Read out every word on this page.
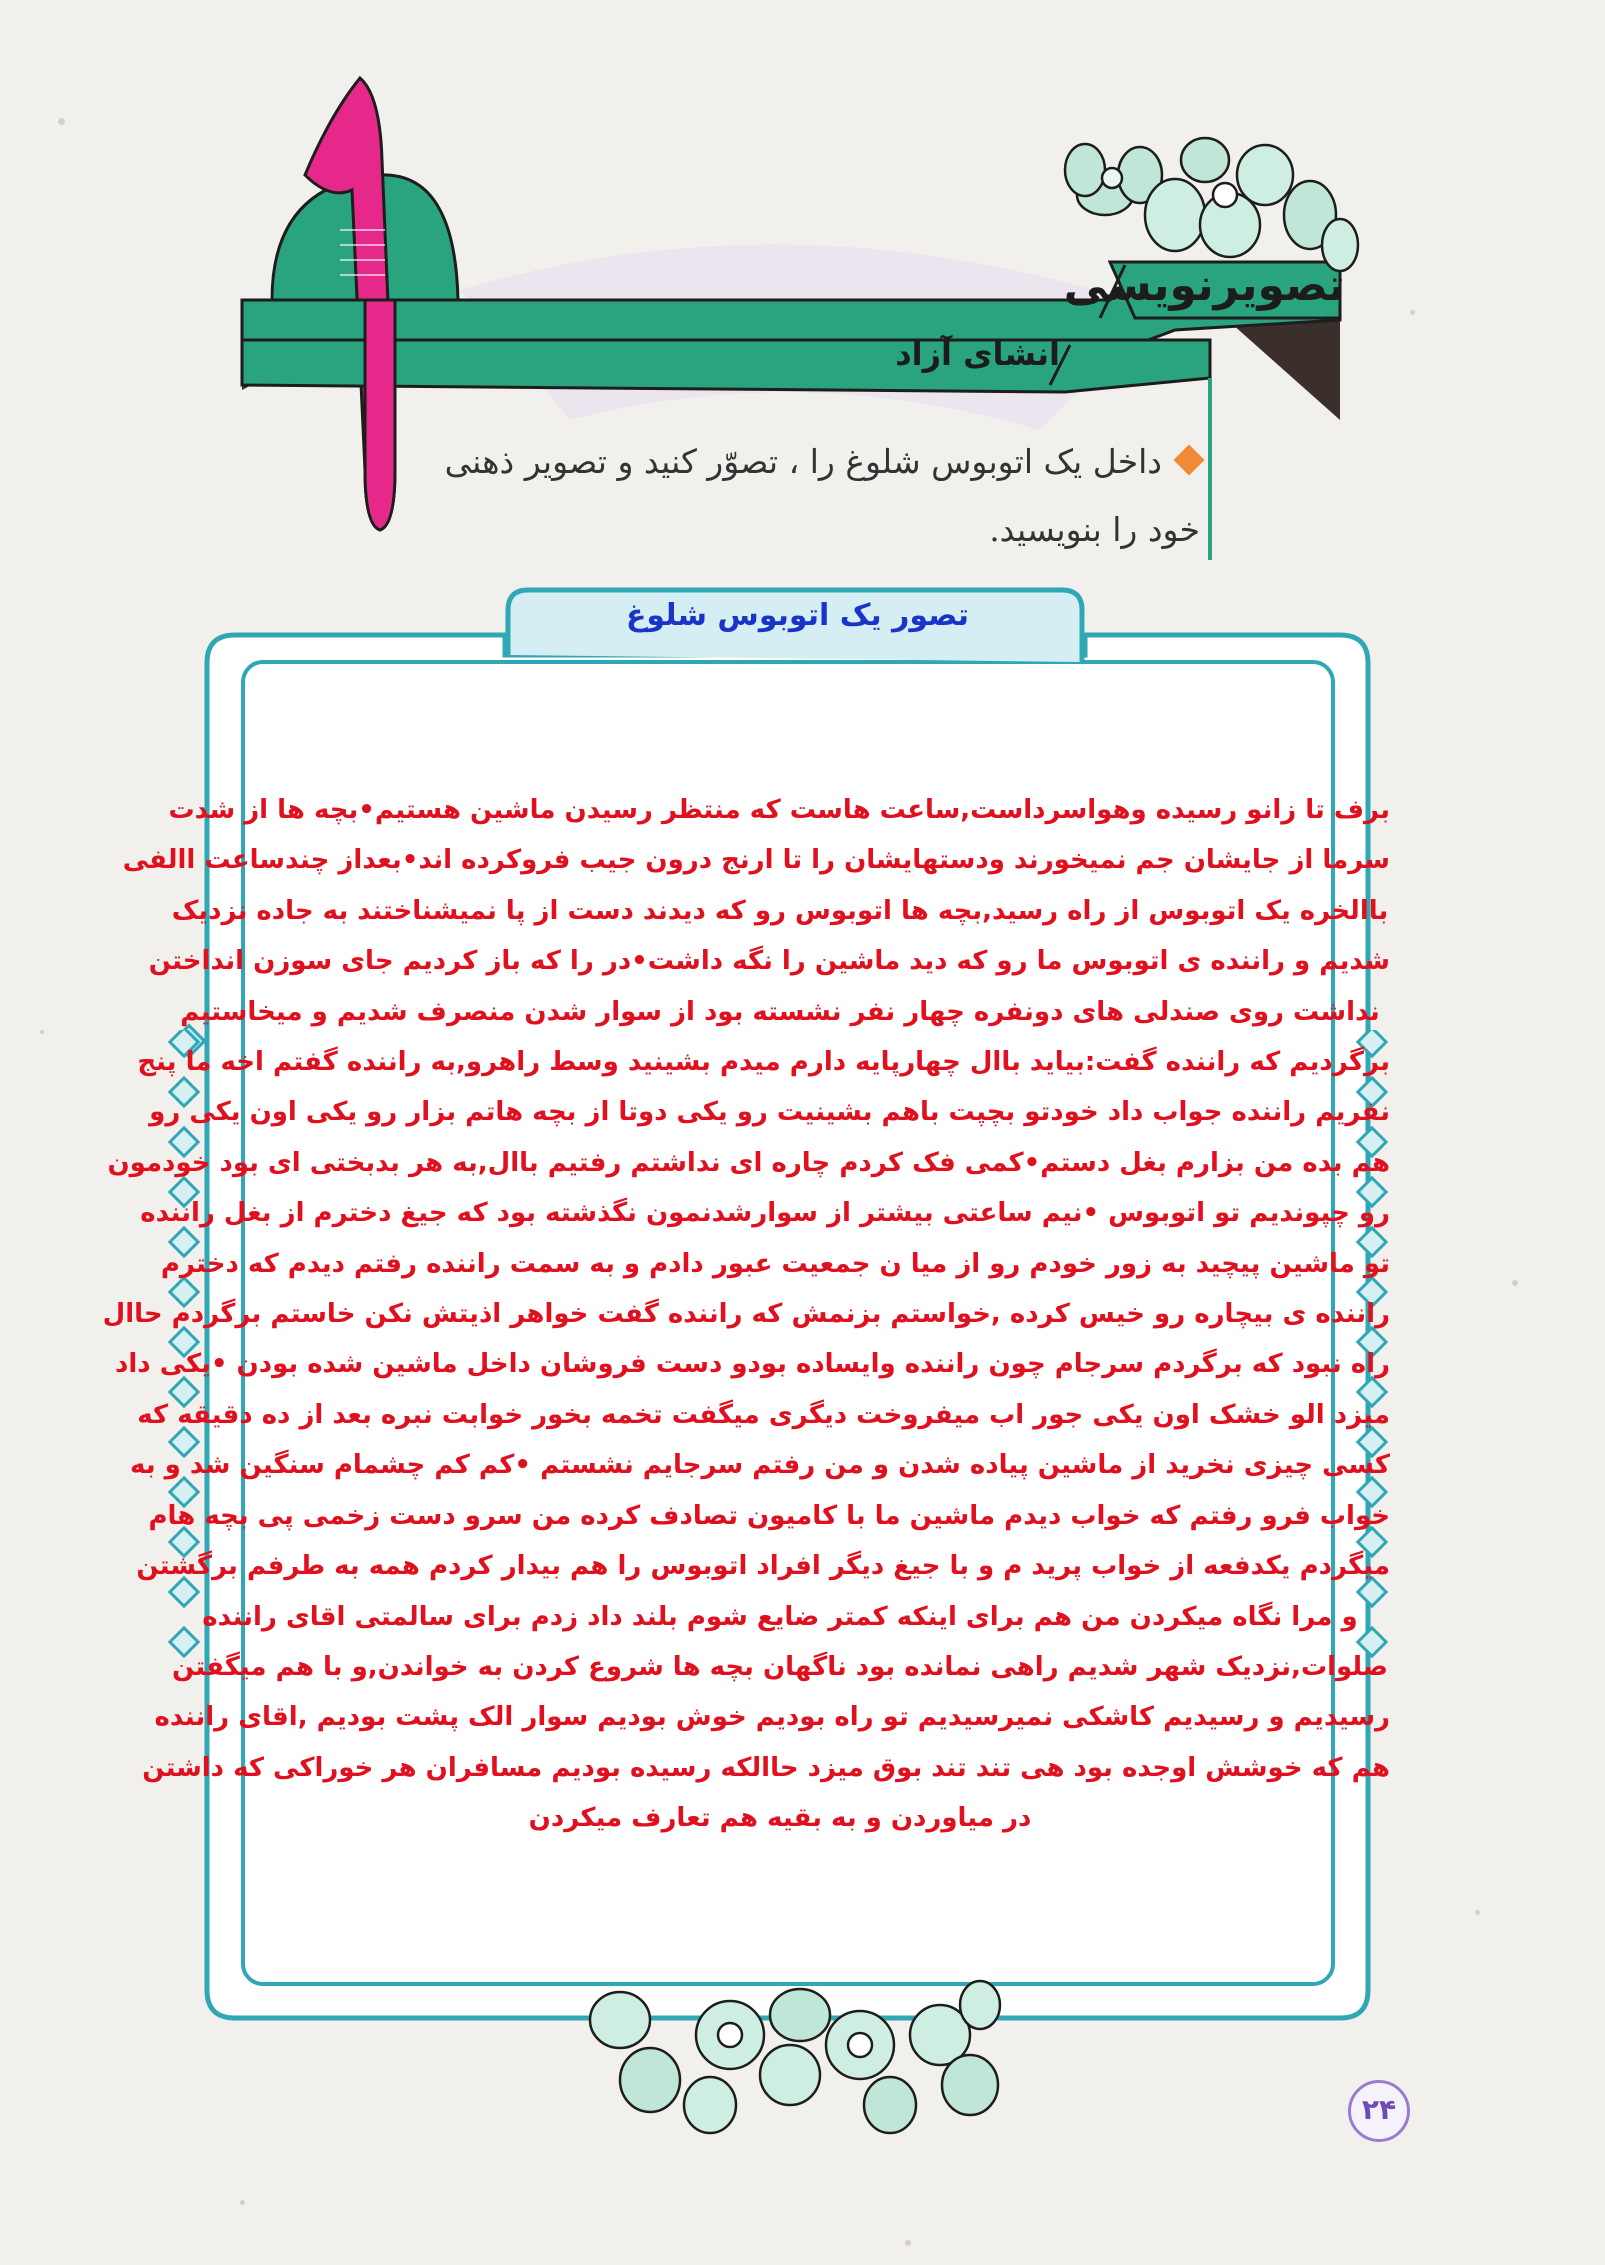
تصویرنویسی
انشای آزاد
داخل یک اتوبوس شلوغ را ، تصوّر کنید و تصویر ذهنی خود را بنویسید.
تصور یک اتوبوس شلوغ

برف تا زانو رسیده وهواسرداست,ساعت هاست که منتظر رسیدن ماشین هستیم•بچه ها از شدت

سرما از جایشان جم نمیخورند ودستهایشان را تا ارنج درون جیب فروکرده اند•بعداز چندساعت االفی

باالخره یک اتوبوس از راه رسید,بچه ها اتوبوس رو که دیدند دست از پا نمیشناختند به جاده نزدیک

شدیم و راننده ی اتوبوس ما رو که دید ماشین را نگه داشت•در را که باز کردیم جای سوزن انداختن

نداشت روی صندلی های دونفره چهار نفر نشسته بود از سوار شدن منصرف شدیم و میخاستیم

برگردیم که راننده گفت:بیاید باال چهارپایه دارم میدم بشینید وسط راهرو,به راننده گفتم اخه ما پنج

نفریم راننده جواب داد خودتو بچپت باهم بشینیت رو یکی دوتا از بچه هاتم بزار رو یکی اون یکی رو

هم بده من بزارم بغل دستم•کمی فک کردم چاره ای نداشتم رفتیم باال,به هر بدبختی ای بود خودمون

رو چپوندیم تو اتوبوس •نیم ساعتی بیشتر از سوارشدنمون نگذشته بود که جیغ دخترم از بغل راننده

تو ماشین پیچید به زور خودم رو از میا ن جمعیت عبور دادم و به سمت راننده رفتم دیدم که دخترم

راننده ی بیچاره رو خیس کرده ,خواستم بزنمش که راننده گفت خواهر اذیتش نکن خاستم برگردم حاال

راه نبود که برگردم سرجام چون راننده وایساده بودو دست فروشان داخل ماشین شده بودن •یکی داد

میزد الو خشک اون یکی جور اب میفروخت دیگری میگفت تخمه بخور خوابت نبره بعد از ده دقیقه که

کسی چیزی نخرید از ماشین پیاده شدن و من رفتم سرجایم نشستم •کم کم چشمام سنگین شد و به

خواب فرو رفتم که خواب دیدم ماشین ما با کامیون تصادف کرده من سرو دست زخمی پی بچه هام

میگردم یکدفعه از خواب پرید م و با جیغ دیگر افراد اتوبوس را هم بیدار کردم همه به طرفم برگشتن

و مرا نگاه میکردن من هم برای اینکه کمتر ضایع شوم بلند داد زدم برای سالمتی اقای راننده

صلوات,نزدیک شهر شدیم راهی نمانده بود ناگهان بچه ها شروع کردن به خواندن,و با هم میگفتن

رسیدیم و رسیدیم کاشکی نمیرسیدیم تو راه بودیم خوش بودیم سوار الک پشت بودیم ,اقای راننده

هم که خوشش اوجده بود هی تند تند بوق میزد حاالکه رسیده بودیم مسافران هر خوراکی که داشتن

در میاوردن و به بقیه هم تعارف میکردن

۲۴
